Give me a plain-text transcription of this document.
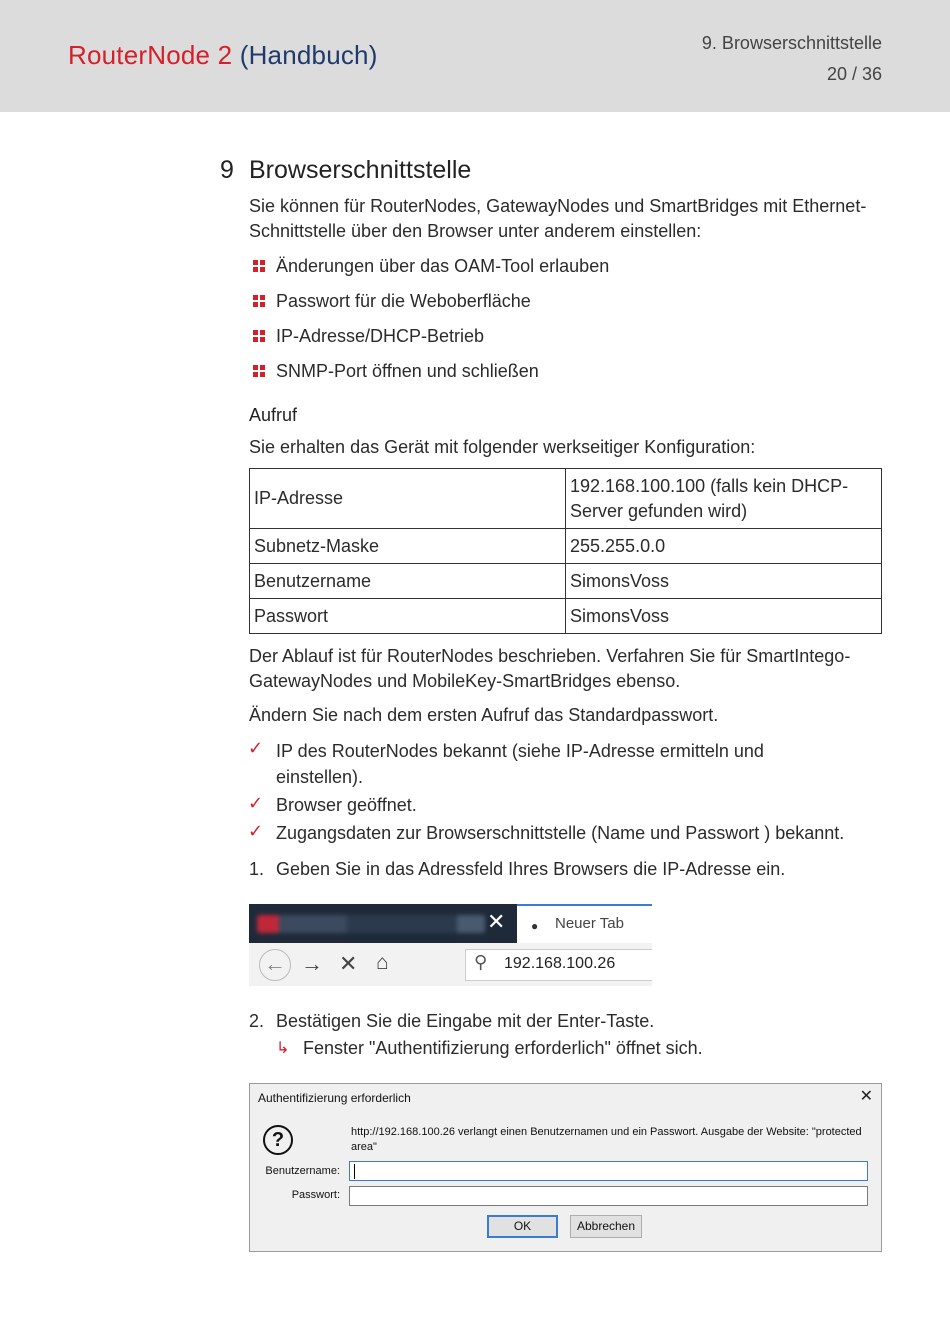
RouterNode 2 (Handbuch)	9. Browserschnittstelle
20 / 36
9 Browserschnittstelle
Sie können für RouterNodes, GatewayNodes und SmartBridges mit Ethernet-Schnittstelle über den Browser unter anderem einstellen:
Änderungen über das OAM-Tool erlauben
Passwort für die Weboberfläche
IP-Adresse/DHCP-Betrieb
SNMP-Port öffnen und schließen
Aufruf
Sie erhalten das Gerät mit folgender werkseitiger Konfiguration:
IP-Adresse	192.168.100.100 (falls kein DHCP-Server gefunden wird)
Subnetz-Maske	255.255.0.0
Benutzername	SimonsVoss
Passwort	SimonsVoss
Der Ablauf ist für RouterNodes beschrieben. Verfahren Sie für SmartIntego-GatewayNodes und MobileKey-SmartBridges ebenso.
Ändern Sie nach dem ersten Aufruf das Standardpasswort.
✓ IP des RouterNodes bekannt (siehe IP-Adresse ermitteln und einstellen).
✓ Browser geöffnet.
✓ Zugangsdaten zur Browserschnittstelle (Name und Passwort ) bekannt.
1. Geben Sie in das Adressfeld Ihres Browsers die IP-Adresse ein.
✕ ● Neuer Tab
← → ✕ ⌂	⚲ 192.168.100.26
2. Bestätigen Sie die Eingabe mit der Enter-Taste.
↳ Fenster "Authentifizierung erforderlich" öffnet sich.
Authentifizierung erforderlich	✕
?	http://192.168.100.26 verlangt einen Benutzernamen und ein Passwort. Ausgabe der Website: "protected area"
Benutzername:
Passwort:
OK	Abbrechen
